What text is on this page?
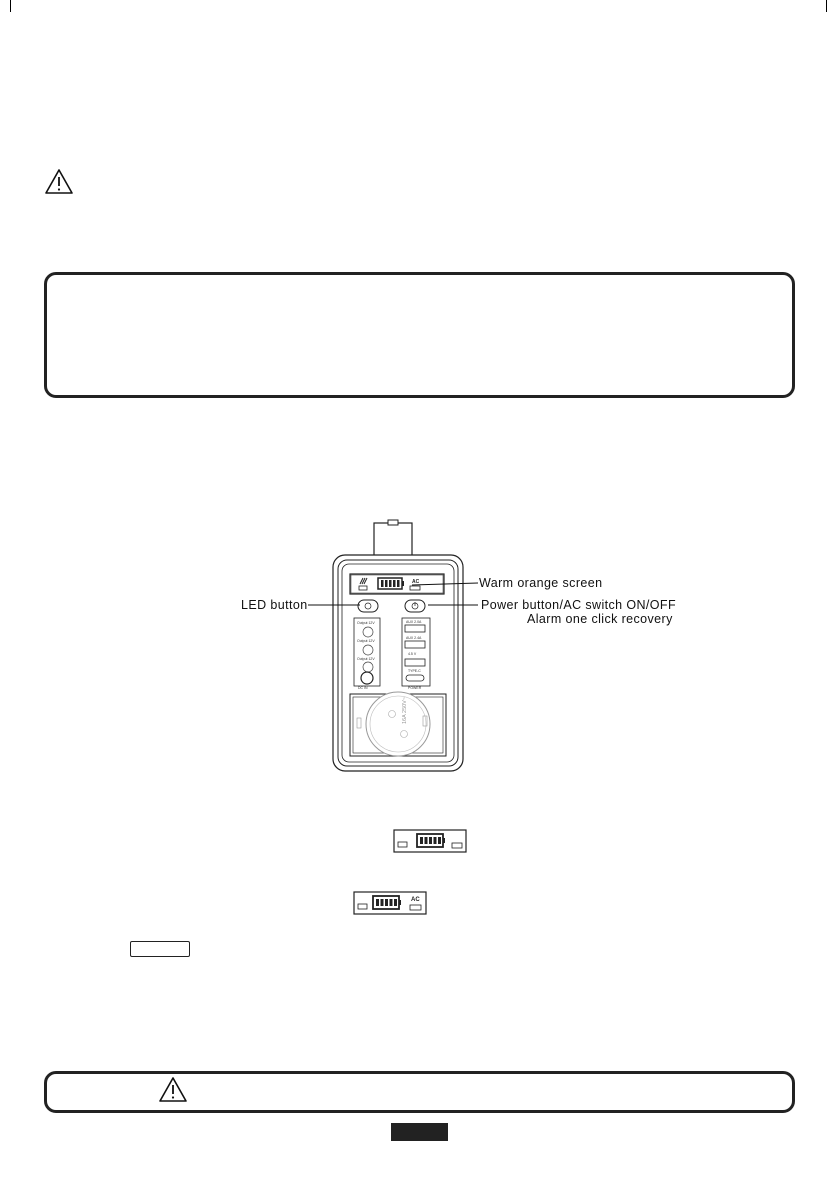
AC
Output 12V
Output 12V
Output 12V
DC IN
AUX 2.0A
AUX 2.4A
4.5 V
TYPE-C
POWER
16A 250V~
Warm orange screen
LED button	Power button/AC switch ON/OFF
Alarm one click recovery
AC
